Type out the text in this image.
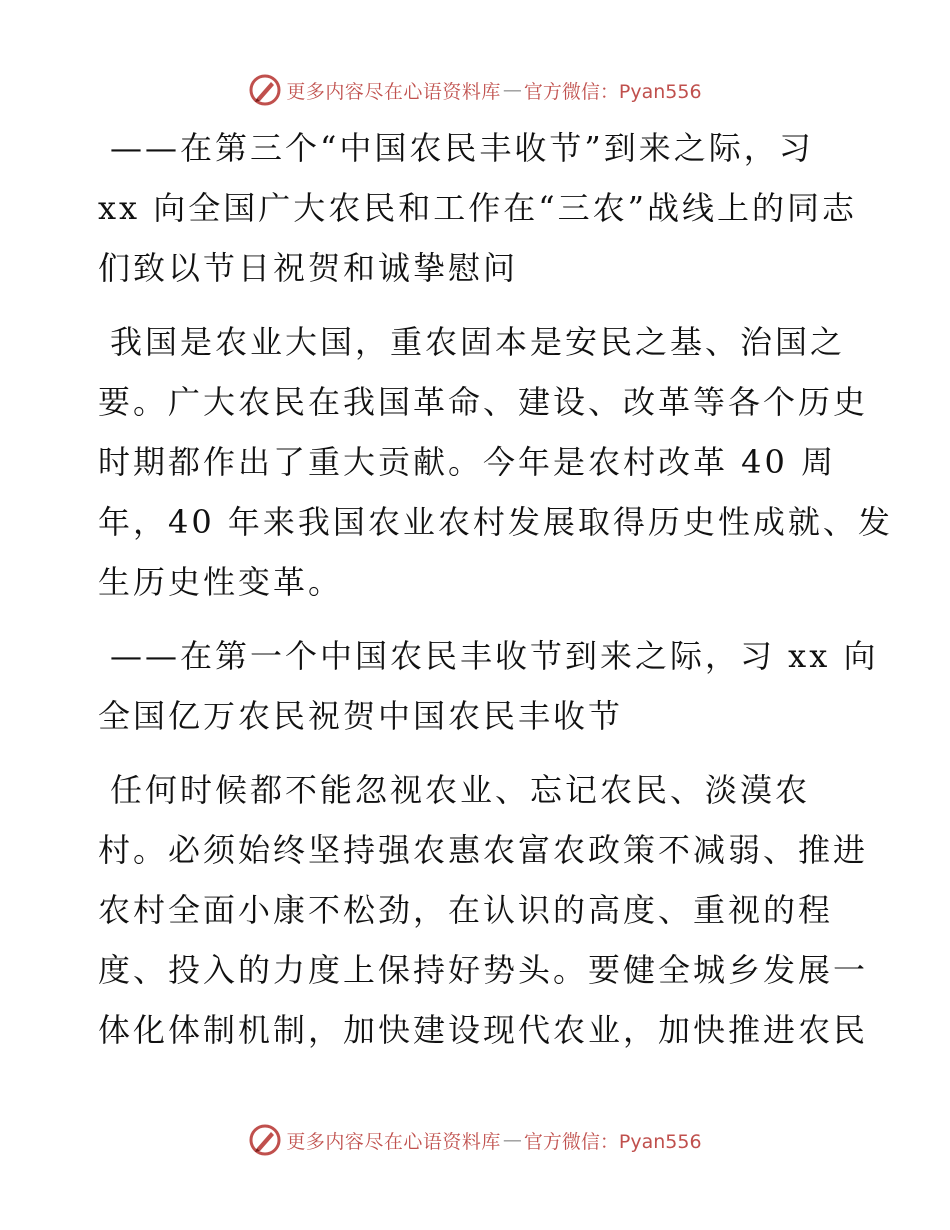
更多内容尽在心语资料库 — 官方微信：Pyan556

——在第三个“中国农民丰收节”到来之际，习
xx 向全国广大农民和工作在“三农”战线上的同志
们致以节日祝贺和诚挚慰问

我国是农业大国，重农固本是安民之基、治国之
要。广大农民在我国革命、建设、改革等各个历史
时期都作出了重大贡献。今年是农村改革 40 周
年，40 年来我国农业农村发展取得历史性成就、发
生历史性变革。

——在第一个中国农民丰收节到来之际，习 xx 向
全国亿万农民祝贺中国农民丰收节

任何时候都不能忽视农业、忘记农民、淡漠农
村。必须始终坚持强农惠农富农政策不减弱、推进
农村全面小康不松劲，在认识的高度、重视的程
度、投入的力度上保持好势头。要健全城乡发展一
体化体制机制，加快建设现代农业，加快推进农民

更多内容尽在心语资料库 — 官方微信：Pyan556
